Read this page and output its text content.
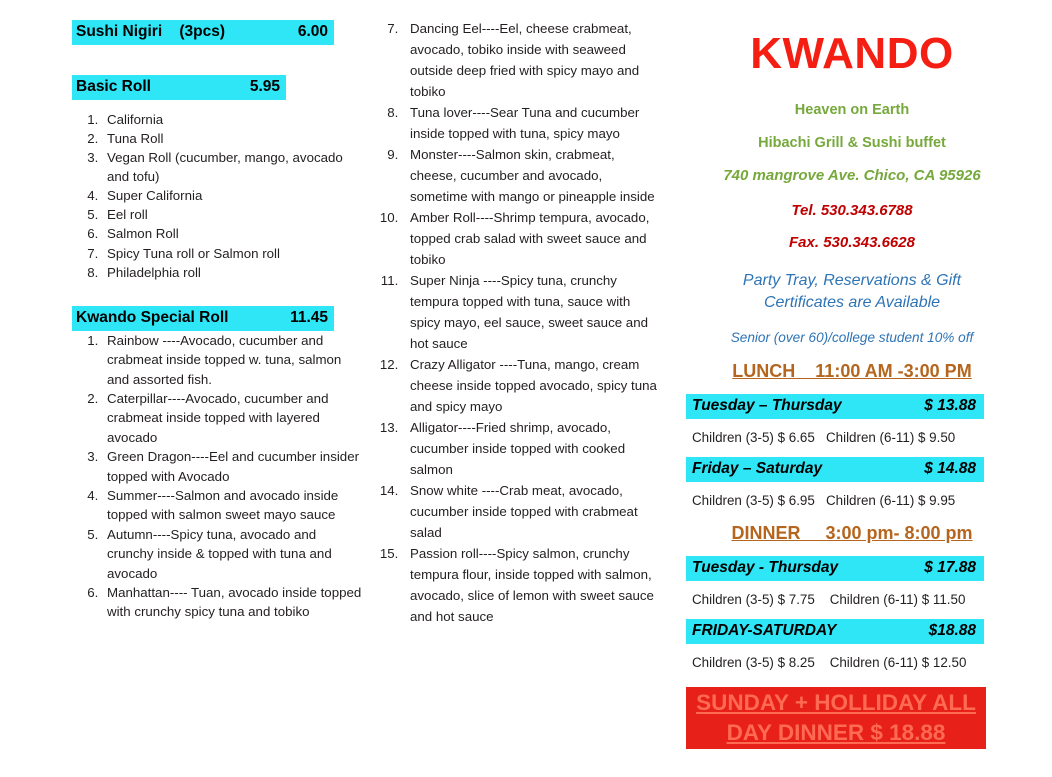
Sushi Nigiri    (3pcs)	6.00
Basic Roll	5.95
1. California
2. Tuna Roll
3. Vegan Roll (cucumber, mango, avocado and tofu)
4. Super California
5. Eel roll
6. Salmon Roll
7. Spicy Tuna roll or Salmon roll
8. Philadelphia roll
Kwando Special Roll	11.45
1. Rainbow ----Avocado, cucumber and crabmeat inside topped w. tuna, salmon and assorted fish.
2. Caterpillar----Avocado, cucumber and crabmeat inside topped with layered avocado
3. Green Dragon----Eel and cucumber insider topped with Avocado
4. Summer----Salmon and avocado inside topped with salmon sweet mayo sauce
5. Autumn----Spicy tuna, avocado and crunchy inside & topped with tuna and avocado
6. Manhattan---- Tuan, avocado inside topped with crunchy spicy tuna and tobiko
7. Dancing Eel----Eel, cheese crabmeat, avocado, tobiko inside with seaweed outside deep fried with spicy mayo and tobiko
8. Tuna lover----Sear Tuna and cucumber inside topped with tuna, spicy mayo
9. Monster----Salmon skin, crabmeat, cheese, cucumber and avocado, sometime with mango or pineapple inside
10. Amber Roll----Shrimp tempura, avocado, topped crab salad with sweet sauce and tobiko
11. Super Ninja ----Spicy tuna, crunchy tempura topped with tuna, sauce with spicy mayo, eel sauce, sweet sauce and hot sauce
12. Crazy Alligator ----Tuna, mango, cream cheese inside topped avocado, spicy tuna and spicy mayo
13. Alligator----Fried shrimp, avocado, cucumber inside topped with cooked salmon
14. Snow white ----Crab meat, avocado, cucumber inside topped with crabmeat salad
15. Passion roll----Spicy salmon, crunchy tempura flour, inside topped with salmon, avocado, slice of lemon with sweet sauce and hot sauce
KWANDO
Heaven on Earth
Hibachi Grill & Sushi buffet
740 mangrove Ave. Chico, CA 95926
Tel. 530.343.6788
Fax. 530.343.6628
Party Tray, Reservations & Gift
Certificates are Available
Senior (over 60)/college student 10% off
LUNCH    11:00 AM -3:00 PM
Tuesday – Thursday	$ 13.88
Children (3-5) $ 6.65   Children (6-11) $ 9.50
Friday – Saturday	$ 14.88
Children (3-5) $ 6.95   Children (6-11) $ 9.95
DINNER     3:00 pm- 8:00 pm
Tuesday - Thursday	$ 17.88
Children (3-5) $ 7.75    Children (6-11) $ 11.50
FRIDAY-SATURDAY	$18.88
Children (3-5) $ 8.25    Children (6-11) $ 12.50
SUNDAY + HOLLIDAY ALL
DAY DINNER $ 18.88
